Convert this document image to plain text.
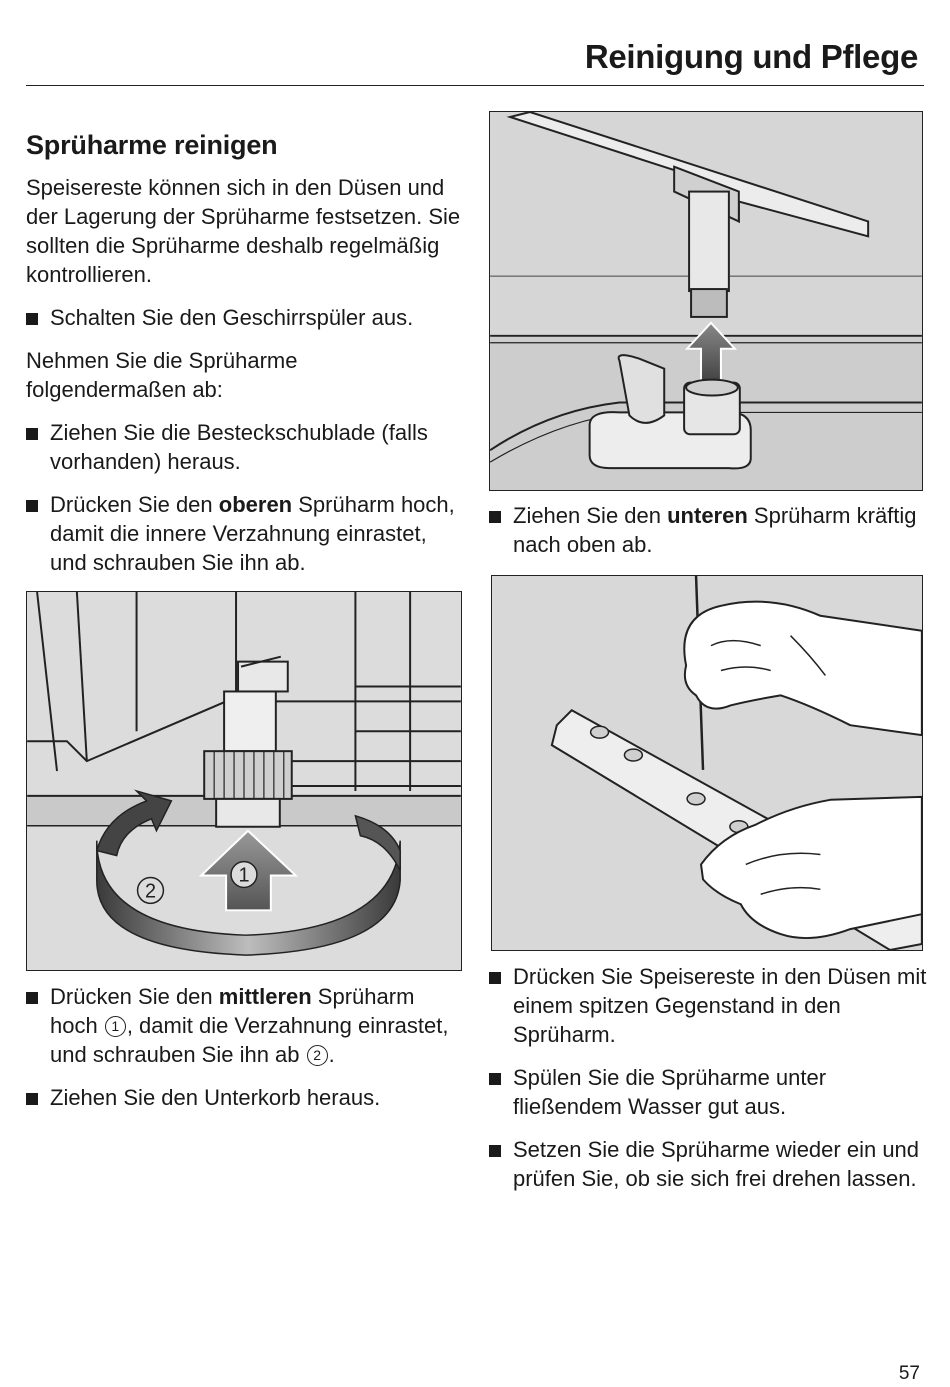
Reinigung und Pflege
Sprüharme reinigen

Speisereste können sich in den Düsen und der Lagerung der Sprüharme festsetzen. Sie sollten die Sprüharme deshalb regelmäßig kontrollieren.

Schalten Sie den Geschirrspüler aus.

Nehmen Sie die Sprüharme folgendermaßen ab:

Ziehen Sie die Besteckschublade (falls vorhanden) heraus.
Drücken Sie den oberen Sprüharm hoch, damit die innere Verzahnung einrastet, und schrauben Sie ihn ab.
1
2
Drücken Sie den mittleren Sprüharm hoch 1 , damit die Verzahnung einrastet, und schrauben Sie ihn ab 2 .
Ziehen Sie den Unterkorb heraus.
Ziehen Sie den unteren Sprüharm kräftig nach oben ab.
Drücken Sie Speisereste in den Düsen mit einem spitzen Gegenstand in den Sprüharm.
Spülen Sie die Sprüharme unter fließendem Wasser gut aus.
Setzen Sie die Sprüharme wieder ein und prüfen Sie, ob sie sich frei drehen lassen.
57
